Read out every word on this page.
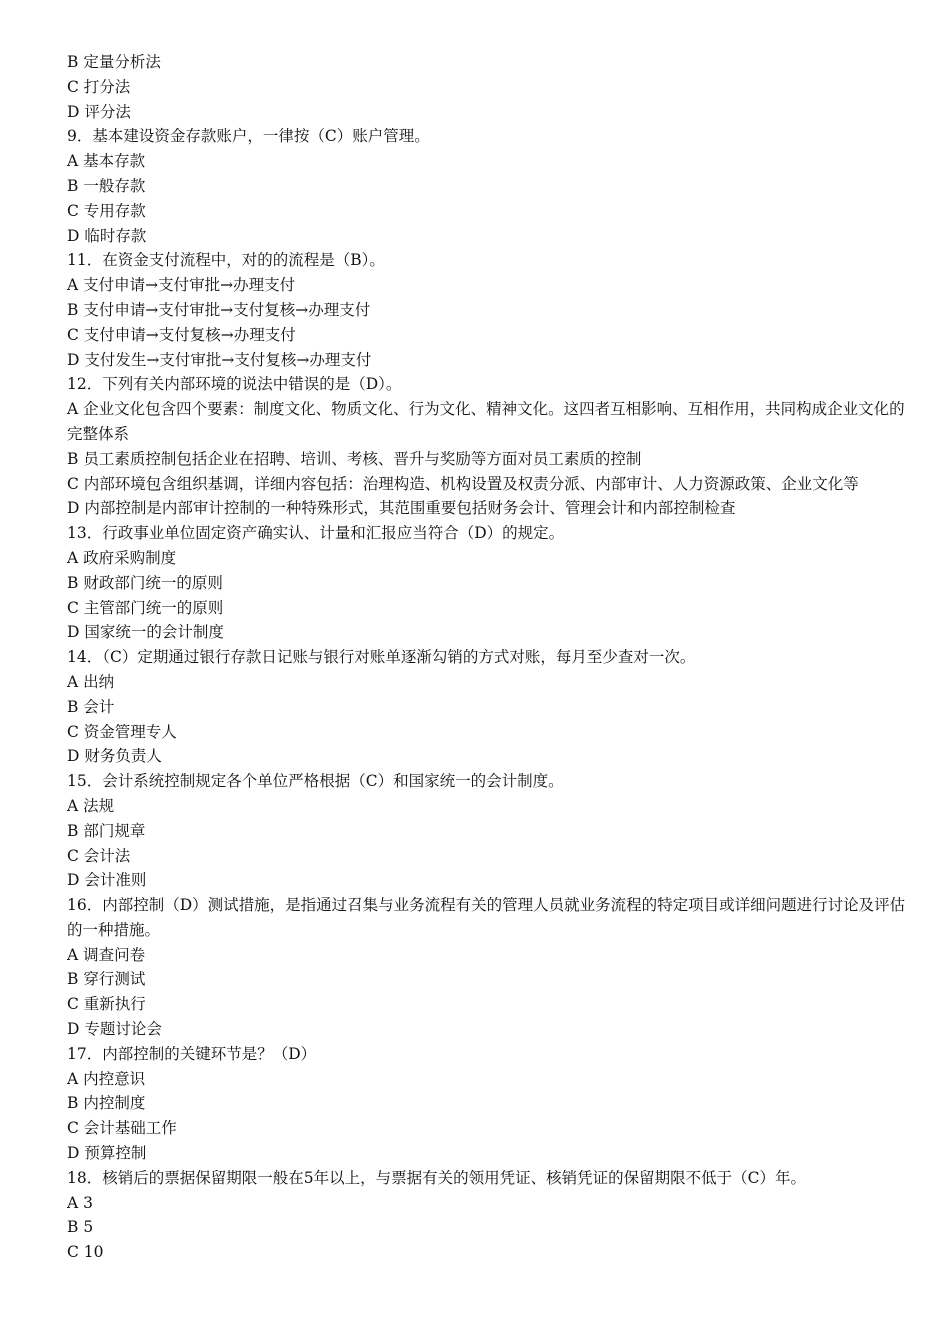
B 定量分析法
C 打分法
D 评分法
9．基本建设资金存款账户，一律按（C）账户管理。
A 基本存款
B 一般存款
C 专用存款
D 临时存款
11．在资金支付流程中，对的的流程是（B）。
A 支付申请→支付审批→办理支付
B 支付申请→支付审批→支付复核→办理支付
C 支付申请→支付复核→办理支付
D 支付发生→支付审批→支付复核→办理支付
12．下列有关内部环境的说法中错误的是（D）。
A 企业文化包含四个要素：制度文化、物质文化、行为文化、精神文化。这四者互相影响、互相作用，共同构成企业文化的完整体系
B 员工素质控制包括企业在招聘、培训、考核、晋升与奖励等方面对员工素质的控制
C 内部环境包含组织基调，详细内容包括：治理构造、机构设置及权责分派、内部审计、人力资源政策、企业文化等
D 内部控制是内部审计控制的一种特殊形式，其范围重要包括财务会计、管理会计和内部控制检查
13．行政事业单位固定资产确实认、计量和汇报应当符合（D）的规定。
A 政府采购制度
B 财政部门统一的原则
C 主管部门统一的原则
D 国家统一的会计制度
14．（C）定期通过银行存款日记账与银行对账单逐渐勾销的方式对账，每月至少查对一次。
A 出纳
B 会计
C 资金管理专人
D 财务负责人
15．会计系统控制规定各个单位严格根据（C）和国家统一的会计制度。
A 法规
B 部门规章
C 会计法
D 会计准则
16．内部控制（D）测试措施，是指通过召集与业务流程有关的管理人员就业务流程的特定项目或详细问题进行讨论及评估的一种措施。
A 调查问卷
B 穿行测试
C 重新执行
D 专题讨论会
17．内部控制的关键环节是？（D）
A 内控意识
B 内控制度
C 会计基础工作
D 预算控制
18．核销后的票据保留期限一般在5年以上，与票据有关的领用凭证、核销凭证的保留期限不低于（C）年。
A 3
B 5
C 10
